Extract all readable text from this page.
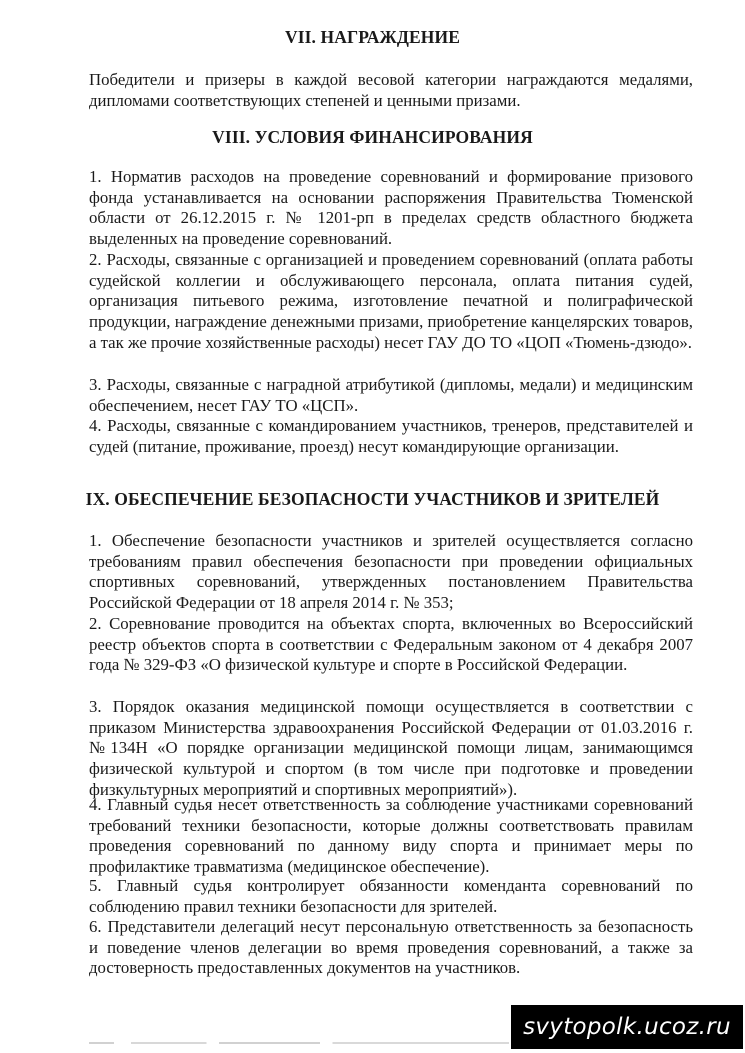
VII. НАГРАЖДЕНИЕ

Победители и призеры в каждой весовой категории награждаются медалями, дипломами соответствующих степеней и ценными призами.

VIII. УСЛОВИЯ ФИНАНСИРОВАНИЯ

1. Норматив расходов на проведение соревнований и формирование призового фонда устанавливается на основании распоряжения Правительства Тюменской области от 26.12.2015 г. № 1201-рп в пределах средств областного бюджета выделенных на проведение соревнований.

2. Расходы, связанные с организацией и проведением соревнований (оплата работы судейской коллегии и обслуживающего персонала, оплата питания судей, организация питьевого режима, изготовление печатной и полиграфической продукции, награждение денежными призами, приобретение канцелярских товаров, а так же прочие хозяйственные расходы) несет ГАУ ДО ТО «ЦОП «Тюмень-дзюдо».

3. Расходы, связанные с наградной атрибутикой (дипломы, медали) и медицинским обеспечением, несет ГАУ ТО «ЦСП».

4. Расходы, связанные с командированием участников, тренеров, представителей и судей (питание, проживание, проезд) несут командирующие организации.

IX. ОБЕСПЕЧЕНИЕ БЕЗОПАСНОСТИ УЧАСТНИКОВ И ЗРИТЕЛЕЙ

1. Обеспечение безопасности участников и зрителей осуществляется согласно требованиям правил обеспечения безопасности при проведении официальных спортивных соревнований, утвержденных постановлением Правительства Российской Федерации от 18 апреля 2014 г. № 353;

2. Соревнование проводится на объектах спорта, включенных во Всероссийский реестр объектов спорта в соответствии с Федеральным законом от 4 декабря 2007 года № 329-ФЗ «О физической культуре и спорте в Российской Федерации.

3. Порядок оказания медицинской помощи осуществляется в соответствии с приказом Министерства здравоохранения Российской Федерации от 01.03.2016 г. №134Н «О порядке организации медицинской помощи лицам, занимающимся физической культурой и спортом (в том числе при подготовке и проведении физкультурных мероприятий и спортивных мероприятий»).

4. Главный судья несет ответственность за соблюдение участниками соревнований требований техники безопасности, которые должны соответствовать правилам проведения соревнований по данному виду спорта и принимает меры по профилактике травматизма (медицинское обеспечение).

5. Главный судья контролирует обязанности коменданта соревнований по соблюдению правил техники безопасности для зрителей.

6. Представители делегаций несут персональную ответственность за безопасность и поведение членов делегации во время проведения соревнований, а также за достоверность предоставленных документов на участников.

svytopolk.ucoz.ru
